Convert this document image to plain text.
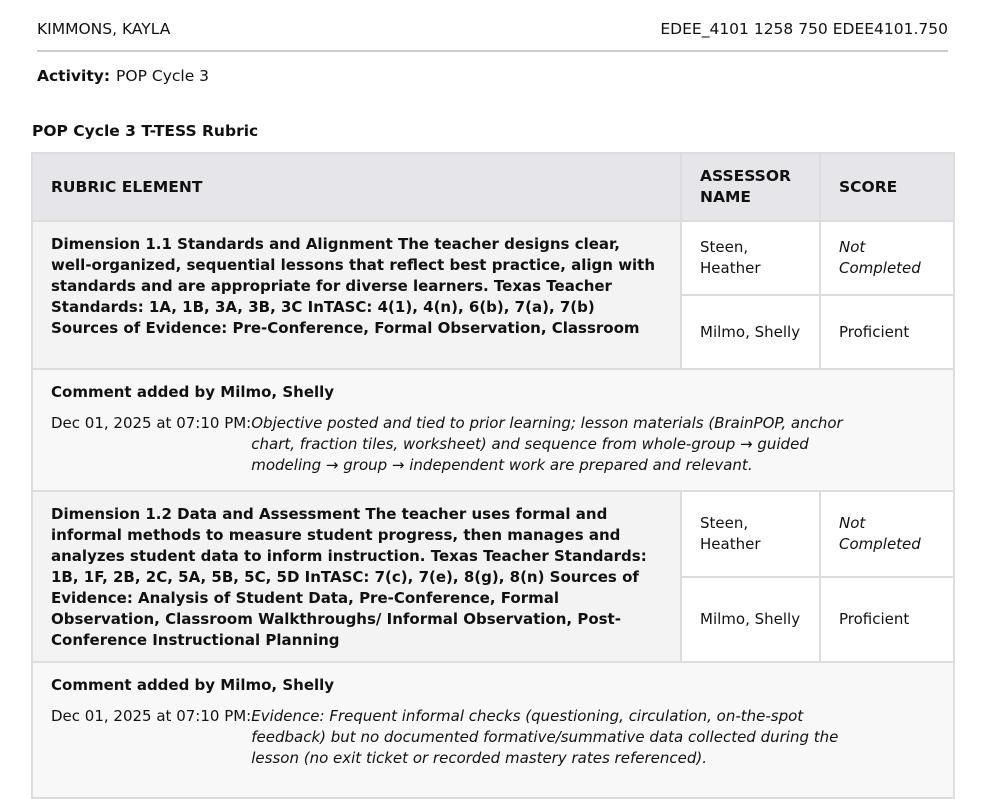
KIMMONS, KAYLA	EDEE_4101 1258 750 EDEE4101.750
Activity: POP Cycle 3
POP Cycle 3 T-TESS Rubric
RUBRIC ELEMENT	ASSESSOR NAME	SCORE
Dimension 1.1 Standards and Alignment The teacher designs clear, well-organized, sequential lessons that reflect best practice, align with standards and are appropriate for diverse learners. Texas Teacher Standards: 1A, 1B, 3A, 3B, 3C InTASC: 4(1), 4(n), 6(b), 7(a), 7(b) Sources of Evidence: Pre-Conference, Formal Observation, Classroom	Steen, Heather	Not Completed
	Milmo, Shelly	Proficient

Comment added by Milmo, Shelly
Dec 01, 2025 at 07:10 PM: Objective posted and tied to prior learning; lesson materials (BrainPOP, anchor chart, fraction tiles, worksheet) and sequence from whole-group → guided modeling → group → independent work are prepared and relevant.		

Dimension 1.2 Data and Assessment The teacher uses formal and informal methods to measure student progress, then manages and analyzes student data to inform instruction. Texas Teacher Standards: 1B, 1F, 2B, 2C, 5A, 5B, 5C, 5D InTASC: 7(c), 7(e), 8(g), 8(n) Sources of Evidence: Analysis of Student Data, Pre-Conference, Formal Observation, Classroom Walkthroughs/ Informal Observation, Post-Conference Instructional Planning	Steen, Heather	Not Completed
	Milmo, Shelly	Proficient

Comment added by Milmo, Shelly
Dec 01, 2025 at 07:10 PM: Evidence: Frequent informal checks (questioning, circulation, on-the-spot feedback) but no documented formative/summative data collected during the lesson (no exit ticket or recorded mastery rates referenced).		
